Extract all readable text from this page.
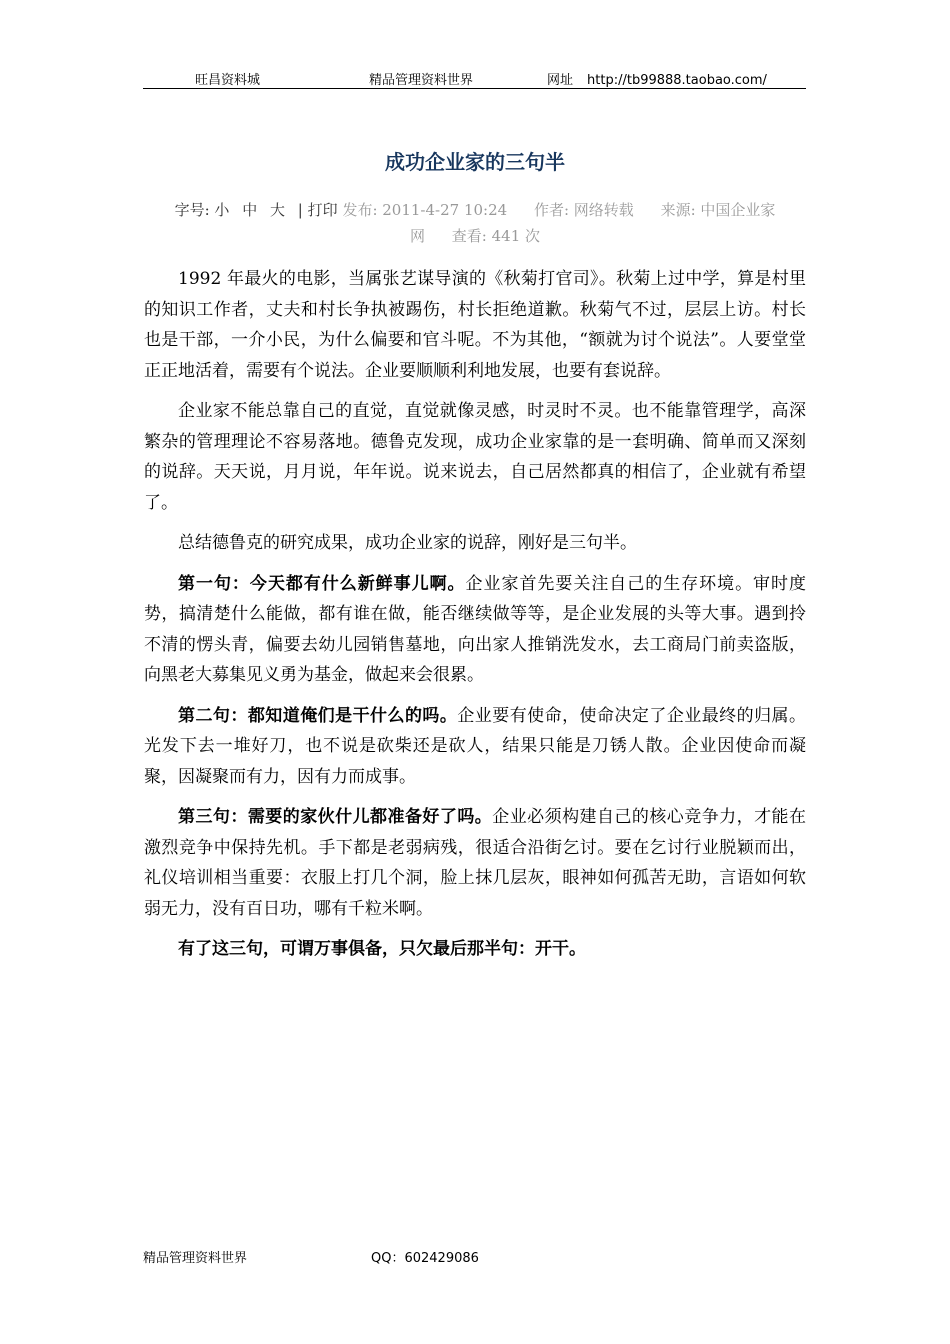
旺昌资料城	精品管理资料世界	网址 http://tb99888.taobao.com/
成功企业家的三句半
字号: 小 中 大 | 打印 发布: 2011-4-27 10:24 作者: 网络转载 来源: 中国企业家
网 查看: 441 次

1992 年最火的电影，当属张艺谋导演的《秋菊打官司》。秋菊上过中学，算是村里的知识工作者，丈夫和村长争执被踢伤，村长拒绝道歉。秋菊气不过，层层上访。村长也是干部，一介小民，为什么偏要和官斗呢。不为其他，“额就为讨个说法”。人要堂堂正正地活着，需要有个说法。企业要顺顺利利地发展，也要有套说辞。

企业家不能总靠自己的直觉，直觉就像灵感，时灵时不灵。也不能靠管理学，高深繁杂的管理理论不容易落地。德鲁克发现，成功企业家靠的是一套明确、简单而又深刻的说辞。天天说，月月说，年年说。说来说去，自己居然都真的相信了，企业就有希望了。

总结德鲁克的研究成果，成功企业家的说辞，刚好是三句半。

第一句：今天都有什么新鲜事儿啊。企业家首先要关注自己的生存环境。审时度势，搞清楚什么能做，都有谁在做，能否继续做等等，是企业发展的头等大事。遇到拎不清的愣头青，偏要去幼儿园销售墓地，向出家人推销洗发水，去工商局门前卖盗版，向黑老大募集见义勇为基金，做起来会很累。

第二句：都知道俺们是干什么的吗。企业要有使命，使命决定了企业最终的归属。光发下去一堆好刀，也不说是砍柴还是砍人，结果只能是刀锈人散。企业因使命而凝聚，因凝聚而有力，因有力而成事。

第三句：需要的家伙什儿都准备好了吗。企业必须构建自己的核心竞争力，才能在激烈竞争中保持先机。手下都是老弱病残，很适合沿街乞讨。要在乞讨行业脱颖而出，礼仪培训相当重要：衣服上打几个洞，脸上抹几层灰，眼神如何孤苦无助，言语如何软弱无力，没有百日功，哪有千粒米啊。

有了这三句，可谓万事俱备，只欠最后那半句：开干。

精品管理资料世界	QQ：602429086
